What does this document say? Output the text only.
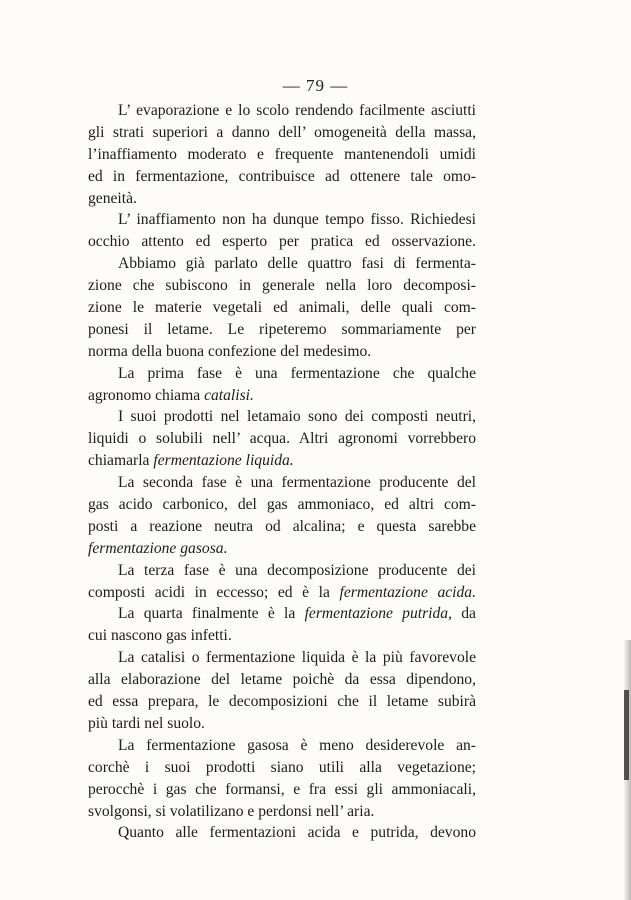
— 79 —
L’ evaporazione e lo scolo rendendo facilmente asciutti
gli strati superiori a danno dell’ omogeneità della massa,
l’inaffiamento moderato e frequente mantenendoli umidi
ed in fermentazione, contribuisce ad ottenere tale omo-
geneità.
L’ inaffiamento non ha dunque tempo fisso. Richiedesi
occhio attento ed esperto per pratica ed osservazione.
Abbiamo già parlato delle quattro fasi di fermenta-
zione che subiscono in generale nella loro decomposi-
zione le materie vegetali ed animali, delle quali com-
ponesi il letame. Le ripeteremo sommariamente per
norma della buona confezione del medesimo.
La prima fase è una fermentazione che qualche
agronomo chiama catalisi.
I suoi prodotti nel letamaio sono dei composti neutri,
liquidi o solubili nell’ acqua. Altri agronomi vorrebbero
chiamarla fermentazione liquida.
La seconda fase è una fermentazione producente del
gas acido carbonico, del gas ammoniaco, ed altri com-
posti a reazione neutra od alcalina; e questa sarebbe
fermentazione gasosa.
La terza fase è una decomposizione producente dei
composti acidi in eccesso; ed è la fermentazione acida.
La quarta finalmente è la fermentazione putrida, da
cui nascono gas infetti.
La catalisi o fermentazione liquida è la più favorevole
alla elaborazione del letame poichè da essa dipendono,
ed essa prepara, le decomposizioni che il letame subirà
più tardi nel suolo.
La fermentazione gasosa è meno desiderevole an-
corchè i suoi prodotti siano utili alla vegetazione;
perocchè i gas che formansi, e fra essi gli ammoniacali,
svolgonsi, si volatilizano e perdonsi nell’ aria.
Quanto alle fermentazioni acida e putrida, devono
